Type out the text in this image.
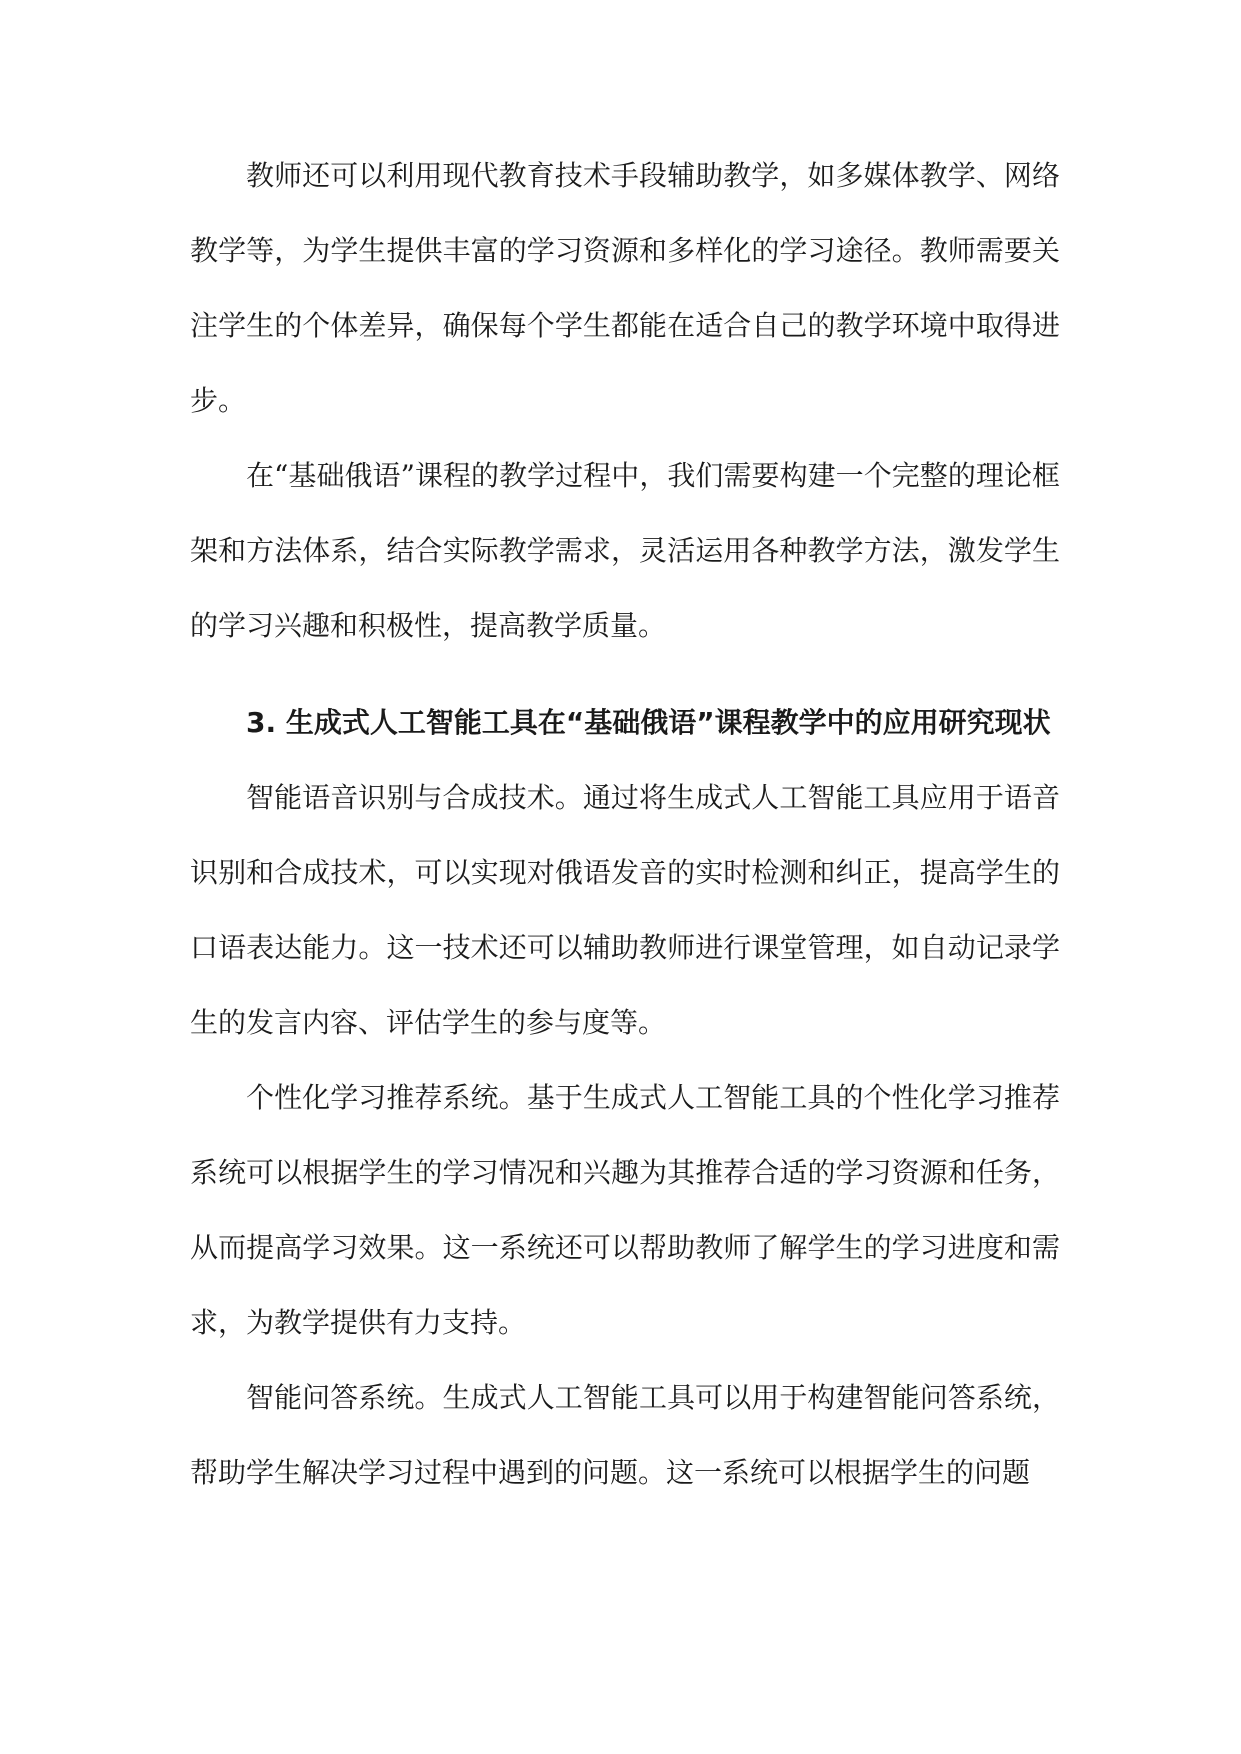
教师还可以利用现代教育技术手段辅助教学，如多媒体教学、网络教学等，为学生提供丰富的学习资源和多样化的学习途径。教师需要关注学生的个体差异，确保每个学生都能在适合自己的教学环境中取得进步。

在“基础俄语”课程的教学过程中，我们需要构建一个完整的理论框架和方法体系，结合实际教学需求，灵活运用各种教学方法，激发学生的学习兴趣和积极性，提高教学质量。

3. 生成式人工智能工具在“基础俄语”课程教学中的应用研究现状

智能语音识别与合成技术。通过将生成式人工智能工具应用于语音识别和合成技术，可以实现对俄语发音的实时检测和纠正，提高学生的口语表达能力。这一技术还可以辅助教师进行课堂管理，如自动记录学生的发言内容、评估学生的参与度等。

个性化学习推荐系统。基于生成式人工智能工具的个性化学习推荐系统可以根据学生的学习情况和兴趣为其推荐合适的学习资源和任务，从而提高学习效果。这一系统还可以帮助教师了解学生的学习进度和需求，为教学提供有力支持。

智能问答系统。生成式人工智能工具可以用于构建智能问答系统，帮助学生解决学习过程中遇到的问题。这一系统可以根据学生的问题
